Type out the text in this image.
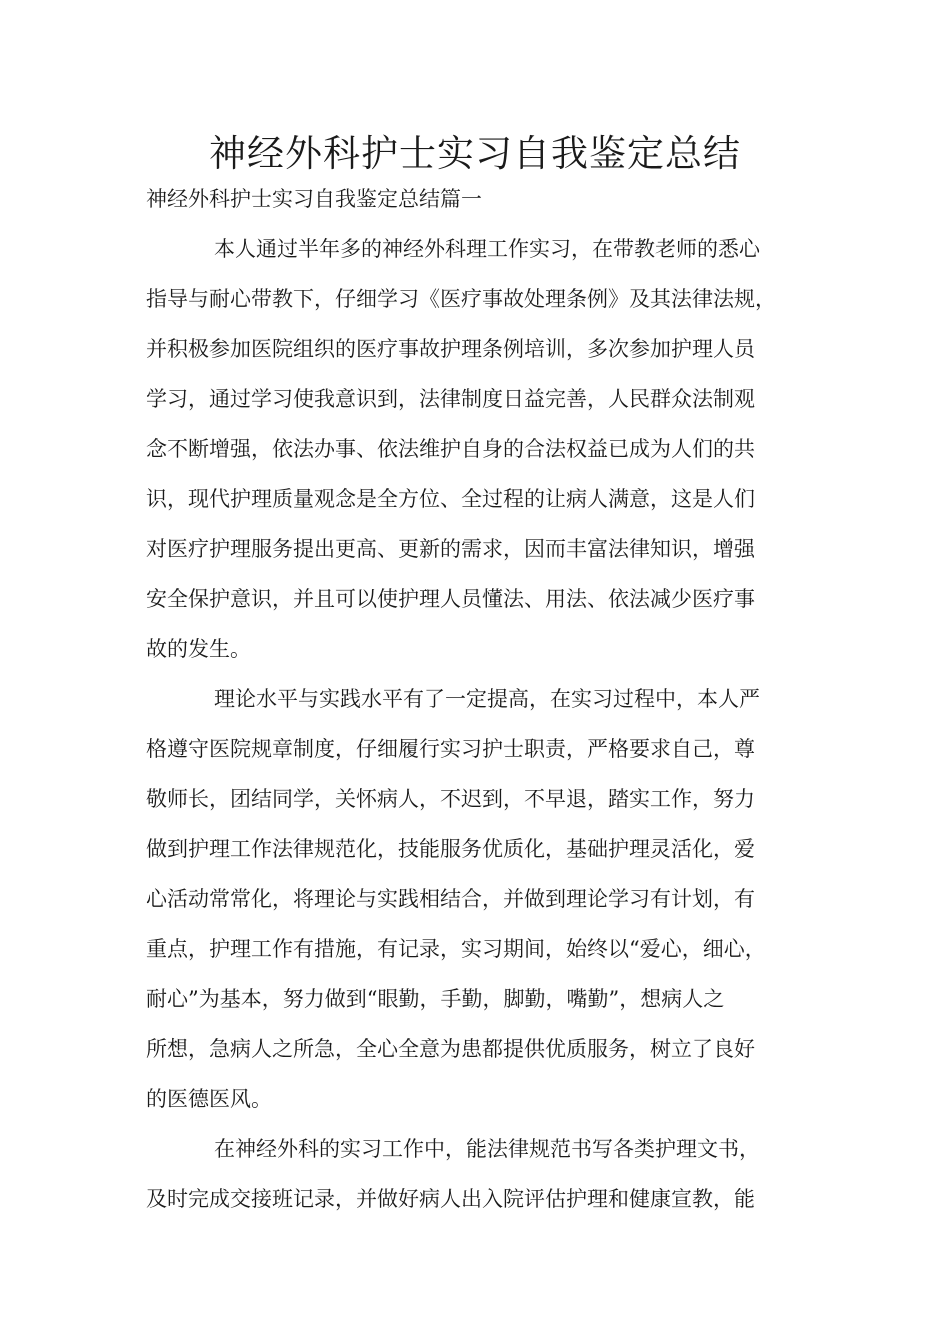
神经外科护士实习自我鉴定总结

神经外科护士实习自我鉴定总结篇一

本人通过半年多的神经外科理工作实习，在带教老师的悉心

指导与耐心带教下，仔细学习《医疗事故处理条例》及其法律法规，

并积极参加医院组织的医疗事故护理条例培训，多次参加护理人员

学习，通过学习使我意识到，法律制度日益完善，人民群众法制观

念不断增强，依法办事、依法维护自身的合法权益已成为人们的共

识，现代护理质量观念是全方位、全过程的让病人满意，这是人们

对医疗护理服务提出更高、更新的需求，因而丰富法律知识，增强

安全保护意识，并且可以使护理人员懂法、用法、依法减少医疗事

故的发生。

理论水平与实践水平有了一定提高，在实习过程中，本人严

格遵守医院规章制度，仔细履行实习护士职责，严格要求自己，尊

敬师长，团结同学，关怀病人，不迟到，不早退，踏实工作，努力

做到护理工作法律规范化，技能服务优质化，基础护理灵活化，爱

心活动常常化，将理论与实践相结合，并做到理论学习有计划，有

重点，护理工作有措施，有记录，实习期间，始终以“爱心，细心，

耐心”为基本，努力做到“眼勤，手勤，脚勤，嘴勤”，想病人之

所想，急病人之所急，全心全意为患都提供优质服务，树立了良好

的医德医风。

在神经外科的实习工作中，能法律规范书写各类护理文书，

及时完成交接班记录，并做好病人出入院评估护理和健康宣教，能
